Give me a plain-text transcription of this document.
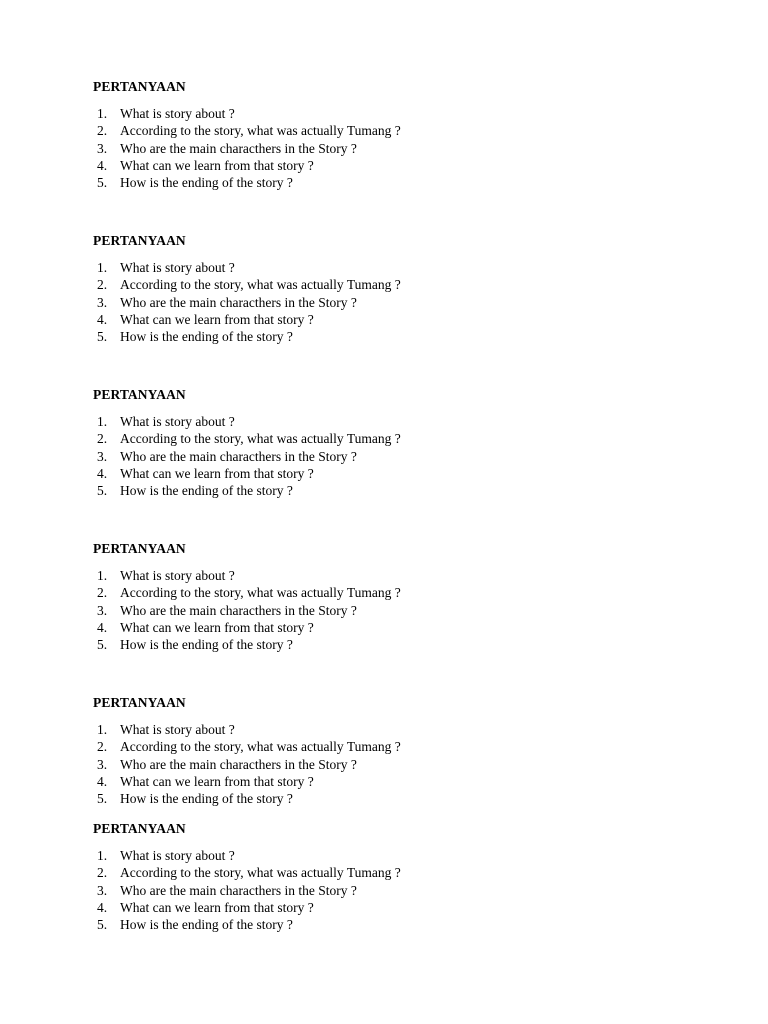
PERTANYAAN

1. What is story about ?
2. According to the story, what was actually Tumang ?
3. Who are the main characthers in the Story ?
4. What can we learn from that story ?
5. How is the ending of the story ?

PERTANYAAN

1. What is story about ?
2. According to the story, what was actually Tumang ?
3. Who are the main characthers in the Story ?
4. What can we learn from that story ?
5. How is the ending of the story ?

PERTANYAAN

1. What is story about ?
2. According to the story, what was actually Tumang ?
3. Who are the main characthers in the Story ?
4. What can we learn from that story ?
5. How is the ending of the story ?

PERTANYAAN

1. What is story about ?
2. According to the story, what was actually Tumang ?
3. Who are the main characthers in the Story ?
4. What can we learn from that story ?
5. How is the ending of the story ?

PERTANYAAN

1. What is story about ?
2. According to the story, what was actually Tumang ?
3. Who are the main characthers in the Story ?
4. What can we learn from that story ?
5. How is the ending of the story ?

PERTANYAAN

1. What is story about ?
2. According to the story, what was actually Tumang ?
3. Who are the main characthers in the Story ?
4. What can we learn from that story ?
5. How is the ending of the story ?
